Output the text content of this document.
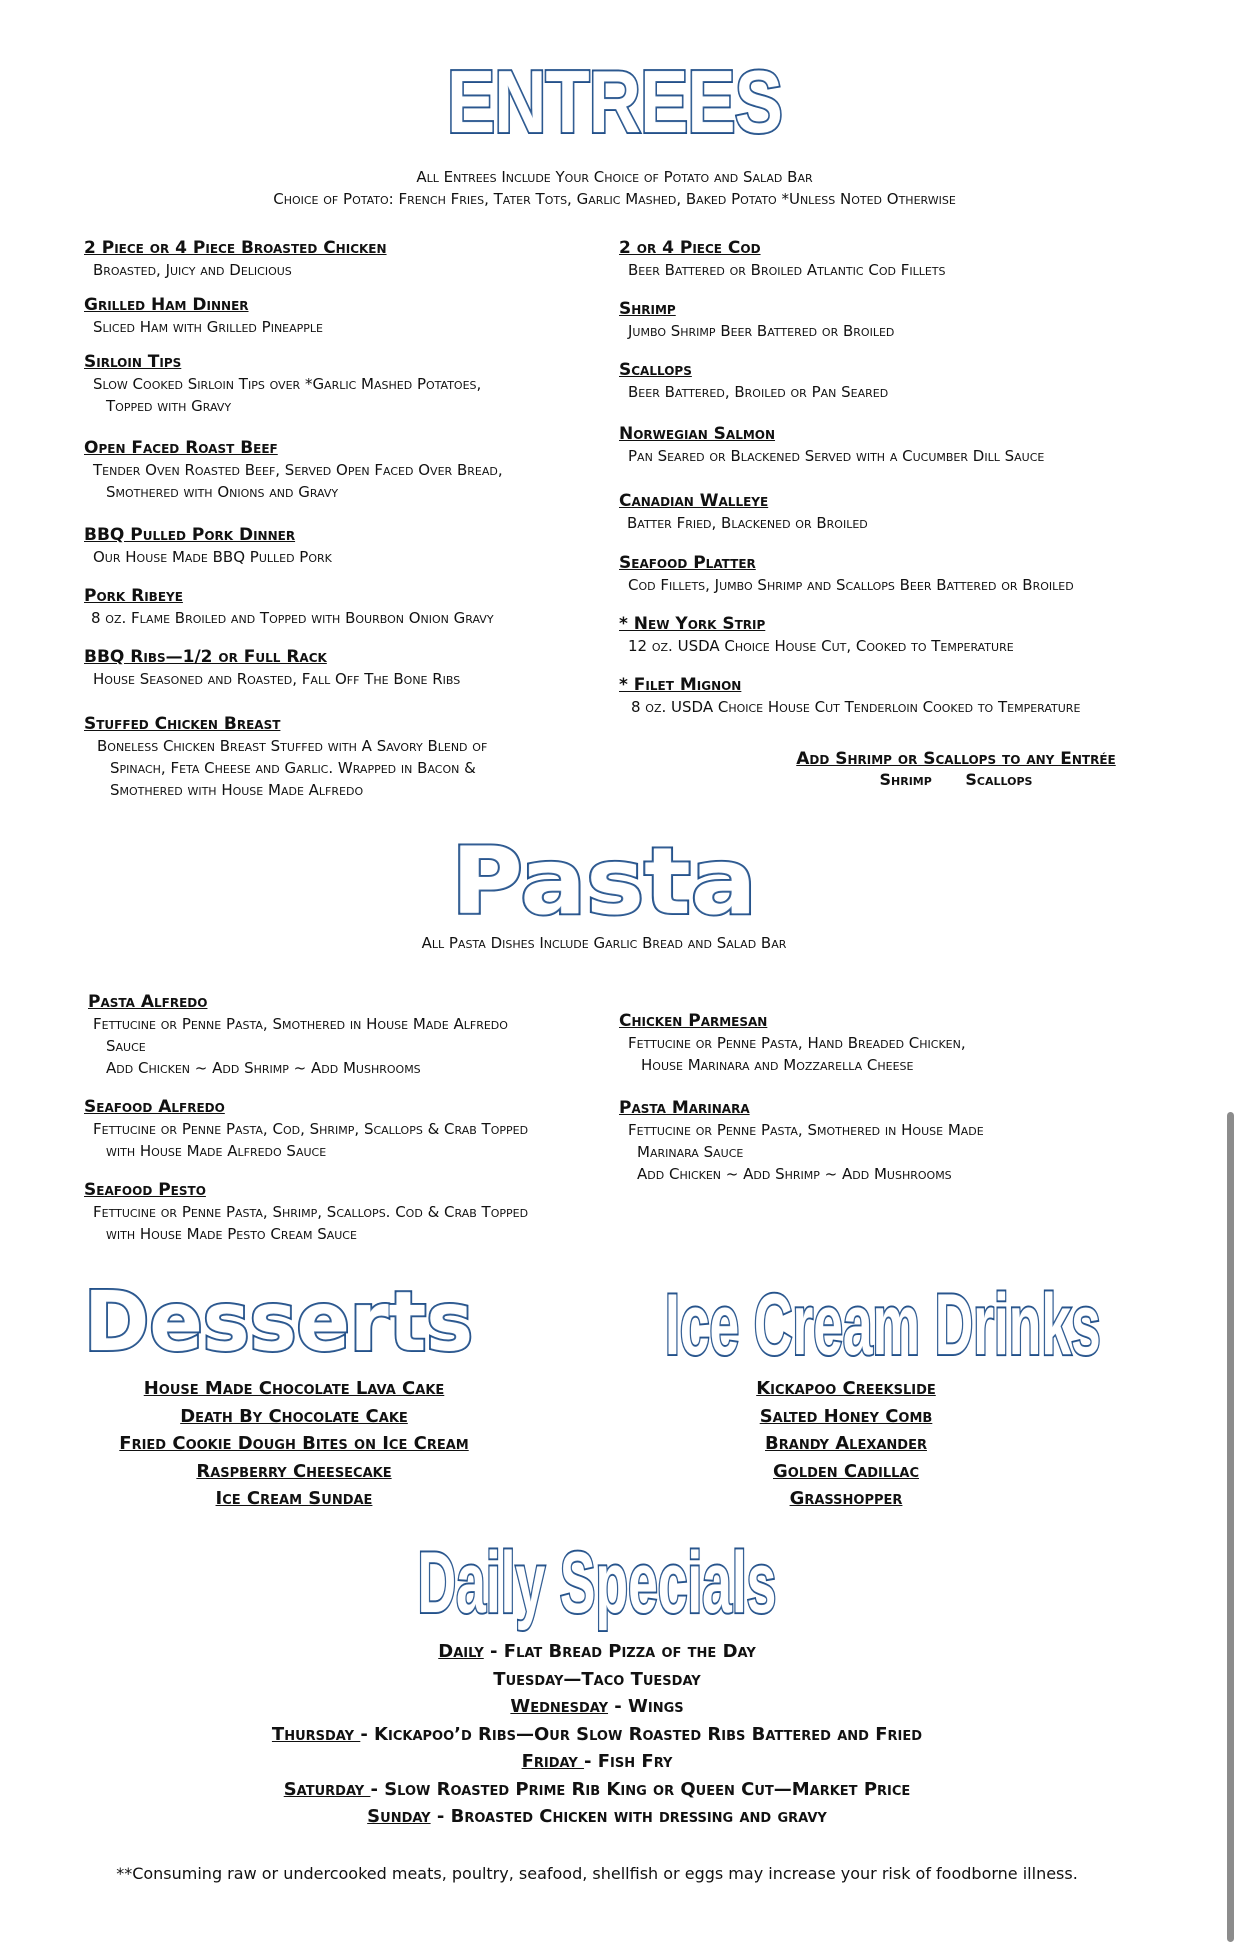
ENTREES
All Entrees Include Your Choice of Potato and Salad Bar
Choice of Potato: French Fries, Tater Tots, Garlic Mashed, Baked Potato *Unless Noted Otherwise
2 Piece or 4 Piece Broasted Chicken
Broasted, Juicy and Delicious
Grilled Ham Dinner
Sliced Ham with Grilled Pineapple
Sirloin Tips
Slow Cooked Sirloin Tips over *Garlic Mashed Potatoes,
Topped with Gravy
Open Faced Roast Beef
Tender Oven Roasted Beef, Served Open Faced Over Bread,
Smothered with Onions and Gravy
BBQ Pulled Pork Dinner
Our House Made BBQ Pulled Pork
Pork Ribeye
8 oz. Flame Broiled and Topped with Bourbon Onion Gravy
BBQ Ribs—1/2 or Full Rack
House Seasoned and Roasted, Fall Off The Bone Ribs
Stuffed Chicken Breast
Boneless Chicken Breast Stuffed with A Savory Blend of
Spinach, Feta Cheese and Garlic. Wrapped in Bacon &
Smothered with House Made Alfredo
2 or 4 Piece Cod
Beer Battered or Broiled Atlantic Cod Fillets
Shrimp
Jumbo Shrimp Beer Battered or Broiled
Scallops
Beer Battered, Broiled or Pan Seared
Norwegian Salmon
Pan Seared or Blackened Served with a Cucumber Dill Sauce
Canadian Walleye
Batter Fried, Blackened or Broiled
Seafood Platter
Cod Fillets, Jumbo Shrimp and Scallops Beer Battered or Broiled
* New York Strip
12 oz. USDA Choice House Cut, Cooked to Temperature
* Filet Mignon
8 oz. USDA Choice House Cut Tenderloin Cooked to Temperature
Add Shrimp or Scallops to any Entrée
Shrimp Scallops
Pasta
All Pasta Dishes Include Garlic Bread and Salad Bar
Pasta Alfredo
Fettucine or Penne Pasta, Smothered in House Made Alfredo
Sauce
Add Chicken ~ Add Shrimp ~ Add Mushrooms
Seafood Alfredo
Fettucine or Penne Pasta, Cod, Shrimp, Scallops & Crab Topped
with House Made Alfredo Sauce
Seafood Pesto
Fettucine or Penne Pasta, Shrimp, Scallops. Cod & Crab Topped
with House Made Pesto Cream Sauce
Chicken Parmesan
Fettucine or Penne Pasta, Hand Breaded Chicken,
House Marinara and Mozzarella Cheese
Pasta Marinara
Fettucine or Penne Pasta, Smothered in House Made
Marinara Sauce
Add Chicken ~ Add Shrimp ~ Add Mushrooms
Desserts Ice Cream Drinks
House Made Chocolate Lava Cake
Death By Chocolate Cake
Fried Cookie Dough Bites on Ice Cream
Raspberry Cheesecake
Ice Cream Sundae
Kickapoo Creekslide
Salted Honey Comb
Brandy Alexander
Golden Cadillac
Grasshopper
Daily Specials
Daily - Flat Bread Pizza of the Day
Tuesday—Taco Tuesday
Wednesday - Wings
Thursday - Kickapoo’d Ribs—Our Slow Roasted Ribs Battered and Fried
Friday - Fish Fry
Saturday - Slow Roasted Prime Rib King or Queen Cut—Market Price
Sunday - Broasted Chicken with dressing and gravy
**Consuming raw or undercooked meats, poultry, seafood, shellfish or eggs may increase your risk of foodborne illness.
